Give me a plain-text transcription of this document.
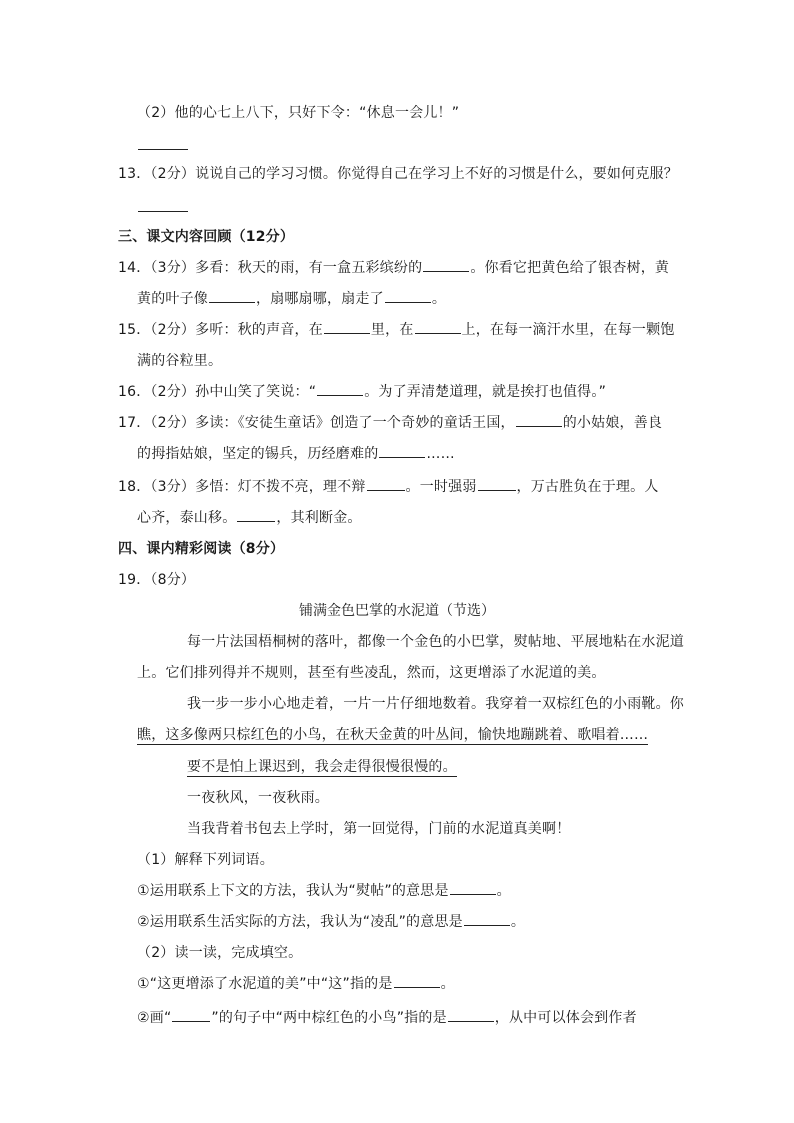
（2）他的心七上八下，只好下令：“休息一会儿！”
13．（2分）说说自己的学习习惯。你觉得自己在学习上不好的习惯是什么，要如何克服？
三、课文内容回顾（12分）
14．（3分）多看：秋天的雨，有一盒五彩缤纷的	。你看它把黄色给了银杏树，黄
黄的叶子像	，扇哪扇哪，扇走了	。
15．（2分）多听：秋的声音，在	里，在	上，在每一滴汗水里，在每一颗饱
满的谷粒里。
16．（2分）孙中山笑了笑说：“	。为了弄清楚道理，就是挨打也值得。”
17．（2分）多读：《安徒生童话》创造了一个奇妙的童话王国，	的小姑娘，善良
的拇指姑娘，坚定的锡兵，历经磨难的	……
18．（3分）多悟：灯不拨不亮，理不辩	。一时强弱	，万古胜负在于理。人
心齐，泰山移。	，其利断金。
四、课内精彩阅读（8分）
19．（8分）
铺满金色巴掌的水泥道（节选）
每一片法国梧桐树的落叶，都像一个金色的小巴掌，熨帖地、平展地粘在水泥道
上。它们排列得并不规则，甚至有些凌乱，然而，这更增添了水泥道的美。
我一步一步小心地走着，一片一片仔细地数着。我穿着一双棕红色的小雨靴。你
瞧，这多像两只棕红色的小鸟，在秋天金黄的叶丛间，愉快地蹦跳着、歌唱着……
要不是怕上课迟到，我会走得很慢很慢的。
一夜秋风，一夜秋雨。
当我背着书包去上学时，第一回觉得，门前的水泥道真美啊！
（1）解释下列词语。
①运用联系上下文的方法，我认为“熨帖”的意思是	。
②运用联系生活实际的方法，我认为“凌乱”的意思是	。
（2）读一读，完成填空。
①“这更增添了水泥道的美”中“这”指的是	。
②画“	”的句子中“两中棕红色的小鸟”指的是	，从中可以体会到作者
